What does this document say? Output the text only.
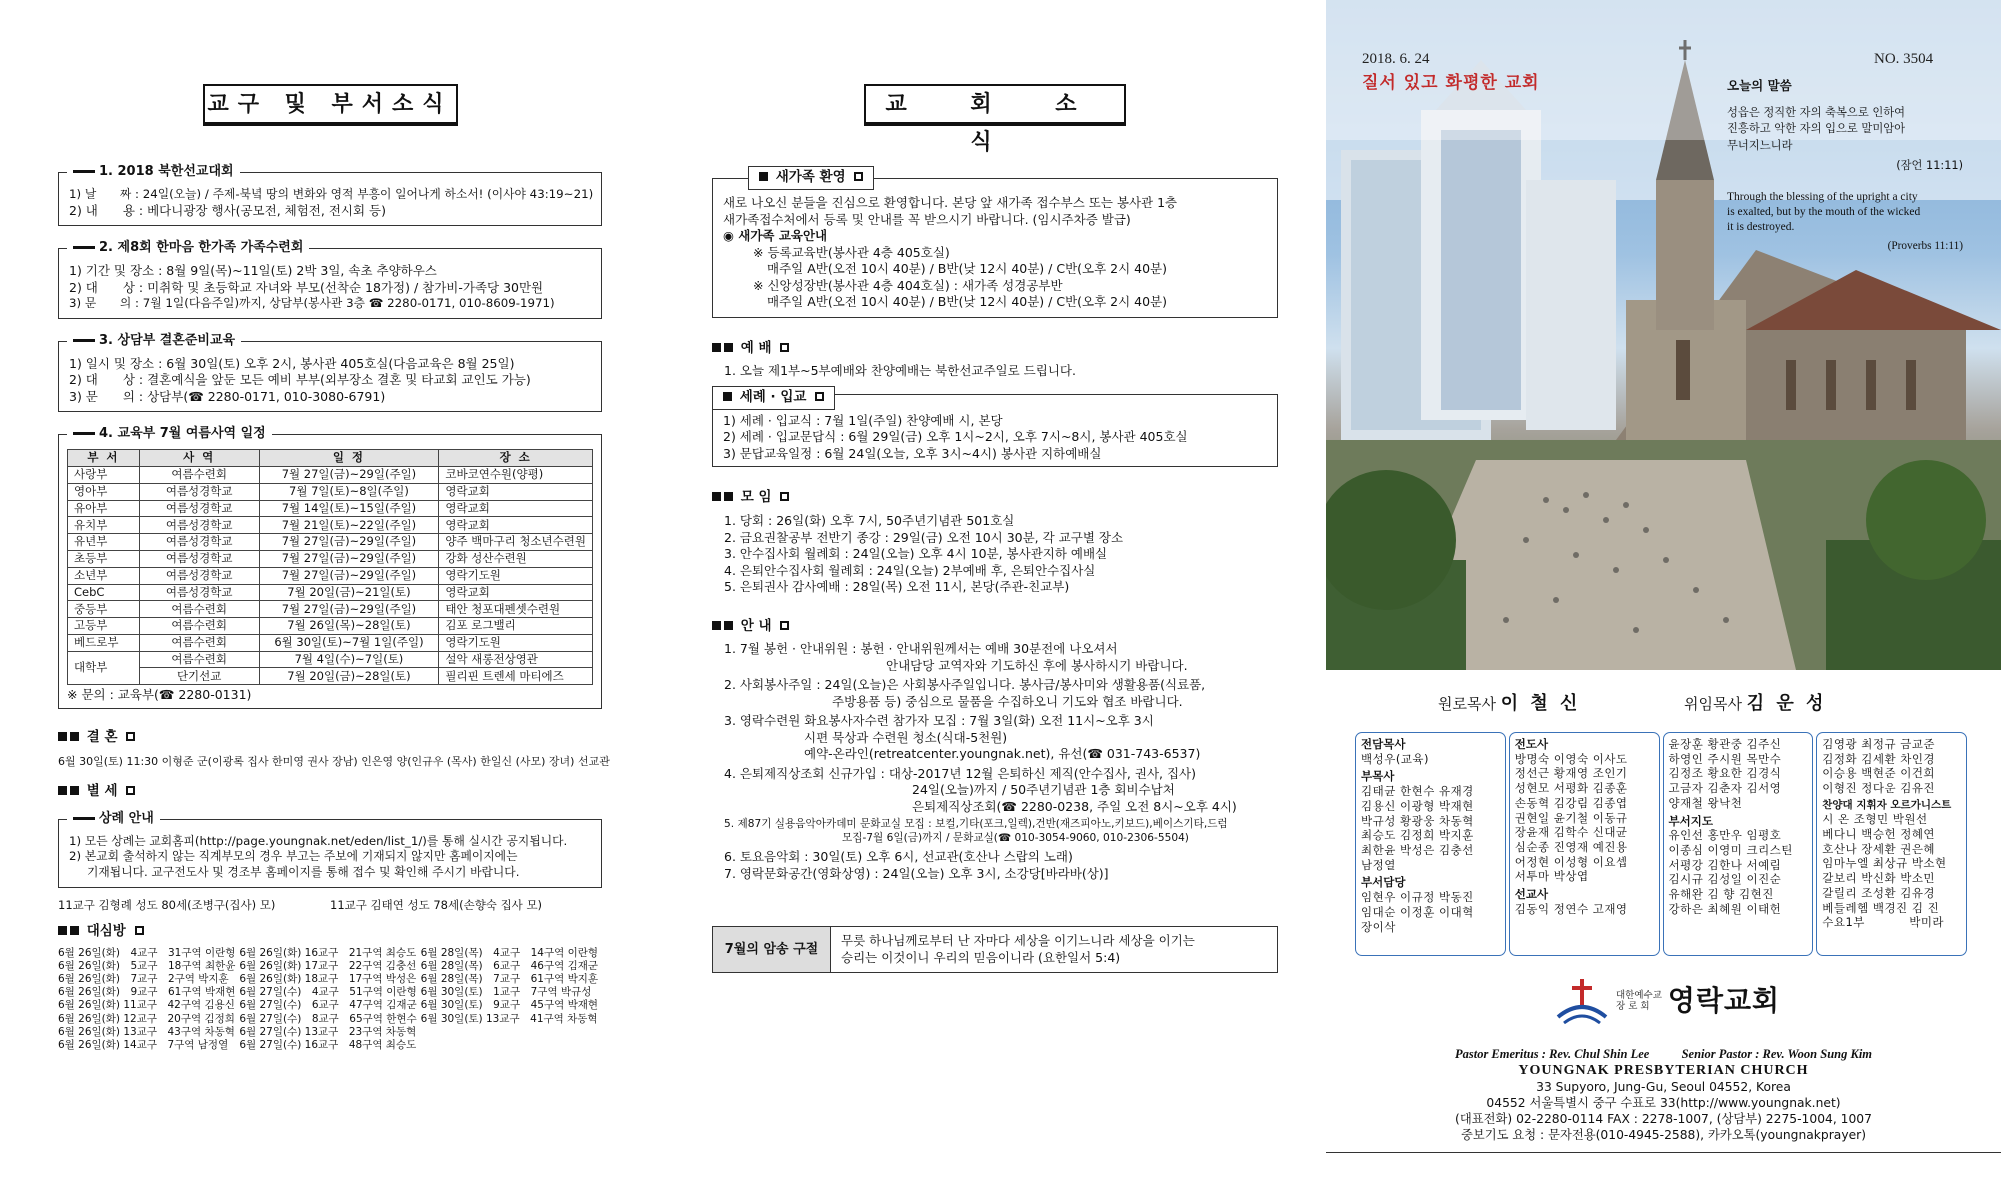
교구 및 부서소식
1. 2018 북한선교대회
1) 날　　짜 : 24일(오늘) / 주제-북녘 땅의 변화와 영적 부흥이 일어나게 하소서! (이사야 43:19~21)
2) 내　　용 : 베다니광장 행사(공모전, 체험전, 전시회 등)
2. 제8회 한마음 한가족 가족수련회
1) 기간 및 장소 : 8월 9일(목)~11일(토) 2박 3일, 속초 추양하우스
2) 대　　상 : 미취학 및 초등학교 자녀와 부모(선착순 18가정) / 참가비-가족당 30만원
3) 문　　의 : 7월 1일(다음주일)까지, 상담부(봉사관 3층 ☎ 2280-0171, 010-8609-1971)
3. 상담부 결혼준비교육
1) 일시 및 장소 : 6월 30일(토) 오후 2시, 봉사관 405호실(다음교육은 8월 25일)
2) 대　　상 : 결혼예식을 앞둔 모든 예비 부부(외부장소 결혼 및 타교회 교인도 가능)
3) 문　　의 : 상담부(☎ 2280-0171, 010-3080-6791)
4. 교육부 7월 여름사역 일정
부 서	사 역	일 정	장 소
사랑부	여름수련회	7월 27일(금)~29일(주일)	코바코연수원(양평)
영아부	여름성경학교	7월 7일(토)~8일(주일)	영락교회
유아부	여름성경학교	7월 14일(토)~15일(주일)	영락교회
유치부	여름성경학교	7월 21일(토)~22일(주일)	영락교회
유년부	여름성경학교	7월 27일(금)~29일(주일)	양주 백마구리 청소년수련원
초등부	여름성경학교	7월 27일(금)~29일(주일)	강화 성산수련원
소년부	여름성경학교	7월 27일(금)~29일(주일)	영락기도원
CebC	여름성경학교	7월 20일(금)~21일(토)	영락교회
중등부	여름수련회	7월 27일(금)~29일(주일)	태안 청포대펜셋수련원
고등부	여름수련회	7월 26일(목)~28일(토)	김포 로그밸리
베드로부	여름수련회	6월 30일(토)~7월 1일(주일)	영락기도원
대학부	여름수련회	7월 4일(수)~7일(토)	설악 새롱전상영관
	단기선교	7월 20일(금)~28일(토)	필리핀 트렌세 마티에즈
※ 문의 : 교육부(☎ 2280-0131)
결 혼
6월 30일(토) 11:30 이형준 군(이광록 집사 한미영 권사 장남) 인은영 양(인규우 (목사) 한일신 (사모) 장녀) 선교관
별 세
상례 안내
1) 모든 상례는 교회홈피(http://page.youngnak.net/eden/list_1/)를 통해 실시간 공지됩니다.
2) 본교회 출석하지 않는 직계부모의 경우 부고는 주보에 기재되지 않지만 홈페이지에는
기재됩니다. 교구전도사 및 경조부 홈페이지를 통해 접수 및 확인해 주시기 바랍니다.
11교구 김형례 성도 80세(조병구(집사) 모)	11교구 김태연 성도 78세(손향숙 집사 모)
대심방
6월 26일(화)　4교구　31구역 이란형 6월 26일(화) 16교구　21구역 최승도 6월 28일(목)　4교구　14구역 이란형
6월 26일(화)　5교구　18구역 최한윤 6월 26일(화) 17교구　22구역 김충선 6월 28일(목)　6교구　46구역 김재군
6월 26일(화)　7교구　2구역 박지훈	6월 26일(화) 18교구　17구역 박성은 6월 28일(목)　7교구　61구역 박지훈
6월 26일(화)　9교구　61구역 박재현 6월 27일(수)　4교구　51구역 이란형 6월 30일(토)　1교구　7구역 박규성
6월 26일(화) 11교구　42구역 김용신 6월 27일(수)　6교구　47구역 김재군 6월 30일(토)　9교구　45구역 박재현
6월 26일(화) 12교구　20구역 김정희 6월 27일(수)　8교구　65구역 한현수 6월 30일(토) 13교구　41구역 차동혁
6월 26일(화) 13교구　43구역 차동혁 6월 27일(수) 13교구　23구역 차동혁
6월 26일(화) 14교구　7구역 남정열	6월 27일(수) 16교구　48구역 최승도
교 회 소 식
새가족 환영
새로 나오신 분들을 진심으로 환영합니다. 본당 앞 새가족 접수부스 또는 봉사관 1층
새가족접수처에서 등록 및 안내를 꼭 받으시기 바랍니다. (임시주차증 발급)
◉ 새가족 교육안내
※ 등록교육반(봉사관 4층 405호실)
매주일 A반(오전 10시 40분) / B반(낮 12시 40분) / C반(오후 2시 40분)
※ 신앙성장반(봉사관 4층 404호실) : 새가족 성경공부반
매주일 A반(오전 10시 40분) / B반(낮 12시 40분) / C반(오후 2시 40분)
예 배
1. 오늘 제1부~5부예배와 찬양예배는 북한선교주일로 드립니다.
세례 · 입교
1) 세례 · 입교식 : 7월 1일(주일) 찬양예배 시, 본당
2) 세례 · 입교문답식 : 6월 29일(금) 오후 1시~2시, 오후 7시~8시, 봉사관 405호실
3) 문답교육일정 : 6월 24일(오늘, 오후 3시~4시) 봉사관 지하예배실
모 임
1. 당회 : 26일(화) 오후 7시, 50주년기념관 501호실
2. 금요권찰공부 전반기 종강 : 29일(금) 오전 10시 30분, 각 교구별 장소
3. 안수집사회 월례회 : 24일(오늘) 오후 4시 10분, 봉사관지하 예배실
4. 은퇴안수집사회 월례회 : 24일(오늘) 2부예배 후, 은퇴안수집사실
5. 은퇴권사 감사예배 : 28일(목) 오전 11시, 본당(주관-친교부)
안 내
1. 7월 봉헌 · 안내위원 : 봉헌 · 안내위원께서는 예배 30분전에 나오셔서
안내담당 교역자와 기도하신 후에 봉사하시기 바랍니다.
2. 사회봉사주일 : 24일(오늘)은 사회봉사주일입니다. 봉사금/봉사미와 생활용품(식료품,
주방용품 등) 중심으로 물품을 수집하오니 기도와 협조 바랍니다.
3. 영락수련원 화요봉사자수련 참가자 모집 : 7월 3일(화) 오전 11시~오후 3시
시편 묵상과 수련원 청소(식대-5천원)
예약-온라인(retreatcenter.youngnak.net), 유선(☎ 031-743-6537)
4. 은퇴제직상조회 신규가입 : 대상-2017년 12월 은퇴하신 제직(안수집사, 권사, 집사)
24일(오늘)까지 / 50주년기념관 1층 회비수납처
은퇴제직상조회(☎ 2280-0238, 주일 오전 8시~오후 4시)
5. 제87기 실용음악아카데미 문화교실 모집 : 보컬,기타(포크,일렉),건반(재즈피아노,키보드),베이스기타,드럼
모집-7월 6일(금)까지 / 문화교실(☎ 010-3054-9060, 010-2306-5504)
6. 토요음악회 : 30일(토) 오후 6시, 선교관(호산나 스랍의 노래)
7. 영락문화공간(영화상영) : 24일(오늘) 오후 3시, 소강당[바라바(상)]
7월의 암송 구절
무릇 하나님께로부터 난 자마다 세상을 이기느니라 세상을 이기는
승리는 이것이니 우리의 믿음이니라 (요한일서 5:4)
2018. 6. 24	NO. 3504
질서 있고 화평한 교회	오늘의 말씀
성읍은 정직한 자의 축복으로 인하여
진흥하고 악한 자의 입으로 말미암아
무너지느니라
(잠언 11:11)
Through the blessing of the upright a city
is exalted, but by the mouth of the wicked
it is destroyed.
(Proverbs 11:11)
원로목사 이 철 신	위임목사 김 운 성
전담목사
백성우(교육)
부목사
김태균 한현수 유재경
김용신 이광형 박재현
박규성 황광웅 차동혁
최승도 김정희 박지훈
최한윤 박성은 김충선
남정열
부서담당
임현우 이규정 박동진
임대순 이정훈 이대혁
장이삭
전도사
방명숙 이영숙 이사도
정선근 황재영 조인기
성현모 서평화 김종훈
손동혁 김강림 김종엽
권현일 윤기철 이동규
장윤재 김학수 신대균
심순종 진영재 예진용
어정현 이성형 이요셉
서투마 박상엽
선교사
김동익 정연수 고재영
윤장훈 황관중 김주신
하영인 주시원 목만수
김정조 황요한 김경식
고금자 김춘자 김서영
양재철 왕낙천
부서지도
유인선 홍만우 임평호
이종심 이영미 크리스틴
서평강 김한나 서예림
김시규 김성일 이진순
유해완 김 향 김현진
강하은 최혜원 이태헌
김영광 최정규 금교준
김정화 김세환 차인경
이승용 백현준 이건희
이형진 정다운 김유진
찬양대 지휘자 오르가니스트
시 온 조형민 박원선
베다니 백승헌 정혜연
호산나 장세환 권은혜
임마누엘 최상규 박소현
갈보리 박신화 박소민
갈릴리 조성환 김유경
베들레헴 백경진 김 진
수요1부 　　　 박미라
대한예수교
장 로 회 영락교회
Pastor Emeritus : Rev. Chul Shin Lee	Senior Pastor : Rev. Woon Sung Kim
YOUNGNAK PRESBYTERIAN CHURCH
33 Supyoro, Jung-Gu, Seoul 04552, Korea
04552 서울특별시 중구 수표로 33(http://www.youngnak.net)
(대표전화) 02-2280-0114 FAX : 2278-1007, (상담부) 2275-1004, 1007
중보기도 요청 : 문자전용(010-4945-2588), 카카오톡(youngnakprayer)
